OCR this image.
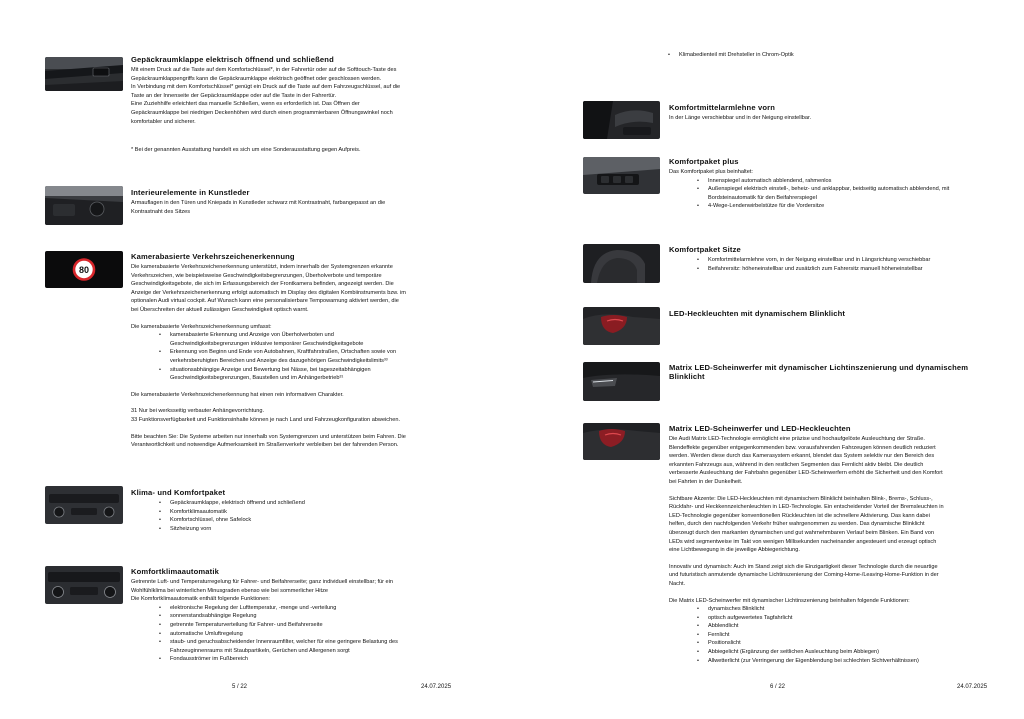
Gepäckraumklappe elektrisch öffnend und schließend
Mit einem Druck auf die Taste auf dem Komfortschlüssel*, in der Fahrertür oder auf die Softtouch-Taste des
Gepäckraumklappengriffs kann die Gepäckraumklappe elektrisch geöffnet oder geschlossen werden.
In Verbindung mit dem Komfortschlüssel* genügt ein Druck auf die Taste auf dem Fahrzeugschlüssel, auf die
Taste an der Innenseite der Gepäckraumklappe oder auf die Taste in der Fahrertür.
Eine Zuziehhilfe erleichtert das manuelle Schließen, wenn es erforderlich ist. Das Öffnen der
Gepäckraumklappe bei niedrigen Deckenhöhen wird durch einen programmierbaren Öffnungswinkel noch
komfortabler und sicherer.
* Bei der genannten Ausstattung handelt es sich um eine Sonderausstattung gegen Aufpreis.
Interieurelemente in Kunstleder
Armauflagen in den Türen und Kniepads in Kunstleder schwarz mit Kontrastnaht, farbangepasst an die
Kontrastnaht des Sitzes
80
Kamerabasierte Verkehrszeichenerkennung
Die kamerabasierte Verkehrszeichenerkennung unterstützt, indem innerhalb der Systemgrenzen erkannte
Verkehrszeichen, wie beispielsweise Geschwindigkeitsbegrenzungen, Überholverbote und temporäre
Geschwindigkeitsgebote, die sich im Erfassungsbereich der Frontkamera befinden, angezeigt werden. Die
Anzeige der Verkehrszeichenerkennung erfolgt automatisch im Display des digitalen Kombiinstruments bzw. im
optionalen Audi virtual cockpit. Auf Wunsch kann eine personalisierbare Tempowarnung aktiviert werden, die
bei Überschreiten der aktuell zulässigen Geschwindigkeit optisch warnt.
Die kamerabasierte Verkehrszeichenerkennung umfasst:
• kamerabasierte Erkennung und Anzeige von Überholverboten und
Geschwindigkeitsbegrenzungen inklusive temporärer Geschwindigkeitsgebote
• Erkennung von Beginn und Ende von Autobahnen, Kraftfahrstraßen, Ortschaften sowie von
verkehrsberuhigten Bereichen und Anzeige des dazugehörigen Geschwindigkeitslimits³³
• situationsabhängige Anzeige und Bewertung bei Nässe, bei tageszeitabhängigen
Geschwindigkeitsbegrenzungen, Baustellen und im Anhängerbetrieb³¹
Die kamerabasierte Verkehrszeichenerkennung hat einen rein informativen Charakter.
31 Nur bei werksseitig verbauter Anhängevorrichtung.
33 Funktionsverfügbarkeit und Funktionsinhalte können je nach Land und Fahrzeugkonfiguration abweichen.
Bitte beachten Sie: Die Systeme arbeiten nur innerhalb von Systemgrenzen und unterstützen beim Fahren. Die
Verantwortlichkeit und notwendige Aufmerksamkeit im Straßenverkehr verbleiben bei der fahrenden Person.
Klima- und Komfortpaket
• Gepäckraumklappe, elektrisch öffnend und schließend
• Komfortklimaautomatik
• Komfortschlüssel, ohne Safelock
• Sitzheizung vorn
Komfortklimaautomatik
Getrennte Luft- und Temperaturregelung für Fahrer- und Beifahrerseite; ganz individuell einstellbar; für ein
Wohlfühlklima bei winterlichen Minusgraden ebenso wie bei sommerlicher Hitze
Die Komfortklimaautomatik enthält folgende Funktionen:
• elektronische Regelung der Lufttemperatur, -menge und -verteilung
• sonnenstandsabhängige Regelung
• getrennte Temperaturverteilung für Fahrer- und Beifahrerseite
• automatische Umluftregelung
• staub- und geruchsabscheidender Innenraumfilter, welcher für eine geringere Belastung des
Fahrzeuginnenraums mit Staubpartikeln, Gerüchen und Allergenen sorgt
• Fondausströmer im Fußbereich
5 / 22	24.07.2025
• Klimabedienteil mit Drehsteller in Chrom-Optik
Komfortmittelarmlehne vorn
In der Länge verschiebbar und in der Neigung einstellbar.
Komfortpaket plus
Das Komfortpaket plus beinhaltet:
• Innenspiegel automatisch abblendend, rahmenlos
• Außenspiegel elektrisch einstell-, beheiz- und anklappbar, beidseitig automatisch abblendend, mit
Bordsteinautomatik für den Beifahrerspiegel
• 4-Wege-Lendenwirbelstütze für die Vordersitze
Komfortpaket Sitze
• Komfortmittelarmlehne vorn, in der Neigung einstellbar und in Längsrichtung verschiebbar
• Beifahrersitz: höheneinstellbar und zusätzlich zum Fahrersitz manuell höheneinstellbar
LED-Heckleuchten mit dynamischem Blinklicht
Matrix LED-Scheinwerfer mit dynamischer Lichtinszenierung und dynamischem
Blinklicht
Matrix LED-Scheinwerfer und LED-Heckleuchten
Die Audi Matrix LED-Technologie ermöglicht eine präzise und hochaufgelöste Ausleuchtung der Straße.
Blendeffekte gegenüber entgegenkommenden bzw. vorausfahrenden Fahrzeugen können deutlich reduziert
werden. Werden diese durch das Kamerasystem erkannt, blendet das System selektiv nur den Bereich des
erkannten Fahrzeugs aus, während in den restlichen Segmenten das Fernlicht aktiv bleibt. Die deutlich
verbesserte Ausleuchtung der Fahrbahn gegenüber LED-Scheinwerfern erhöht die Sicherheit und den Komfort
bei Fahrten in der Dunkelheit.
Sichtbare Akzente: Die LED-Heckleuchten mit dynamischem Blinklicht beinhalten Blink-, Brems-, Schluss-,
Rückfahr- und Heckkennzeichenleuchten in LED-Technologie. Ein entscheidender Vorteil der Bremsleuchten in
LED-Technologie gegenüber konventionellen Rückleuchten ist die schnellere Aktivierung. Das kann dabei
helfen, durch den nachfolgenden Verkehr früher wahrgenommen zu werden. Das dynamische Blinklicht
überzeugt durch den markanten dynamischen und gut wahrnehmbaren Verlauf beim Blinken. Ein Band von
LEDs wird segmentweise im Takt von wenigen Millisekunden nacheinander angesteuert und erzeugt optisch
eine Lichtbewegung in die jeweilige Abbiegerichtung.
Innovativ und dynamisch: Auch im Stand zeigt sich die Einzigartigkeit dieser Technologie durch die neuartige
und futuristisch anmutende dynamische Lichtinszenierung der Coming-Home-/Leaving-Home-Funktion in der
Nacht.
Die Matrix LED-Scheinwerfer mit dynamischer Lichtinszenierung beinhalten folgende Funktionen:
• dynamisches Blinklicht
• optisch aufgewertetes Tagfahrlicht
• Abblendlicht
• Fernlicht
• Positionslicht
• Abbiegelicht (Ergänzung der seitlichen Ausleuchtung beim Abbiegen)
• Allwetterlicht (zur Verringerung der Eigenblendung bei schlechten Sichtverhältnissen)
6 / 22	24.07.2025
